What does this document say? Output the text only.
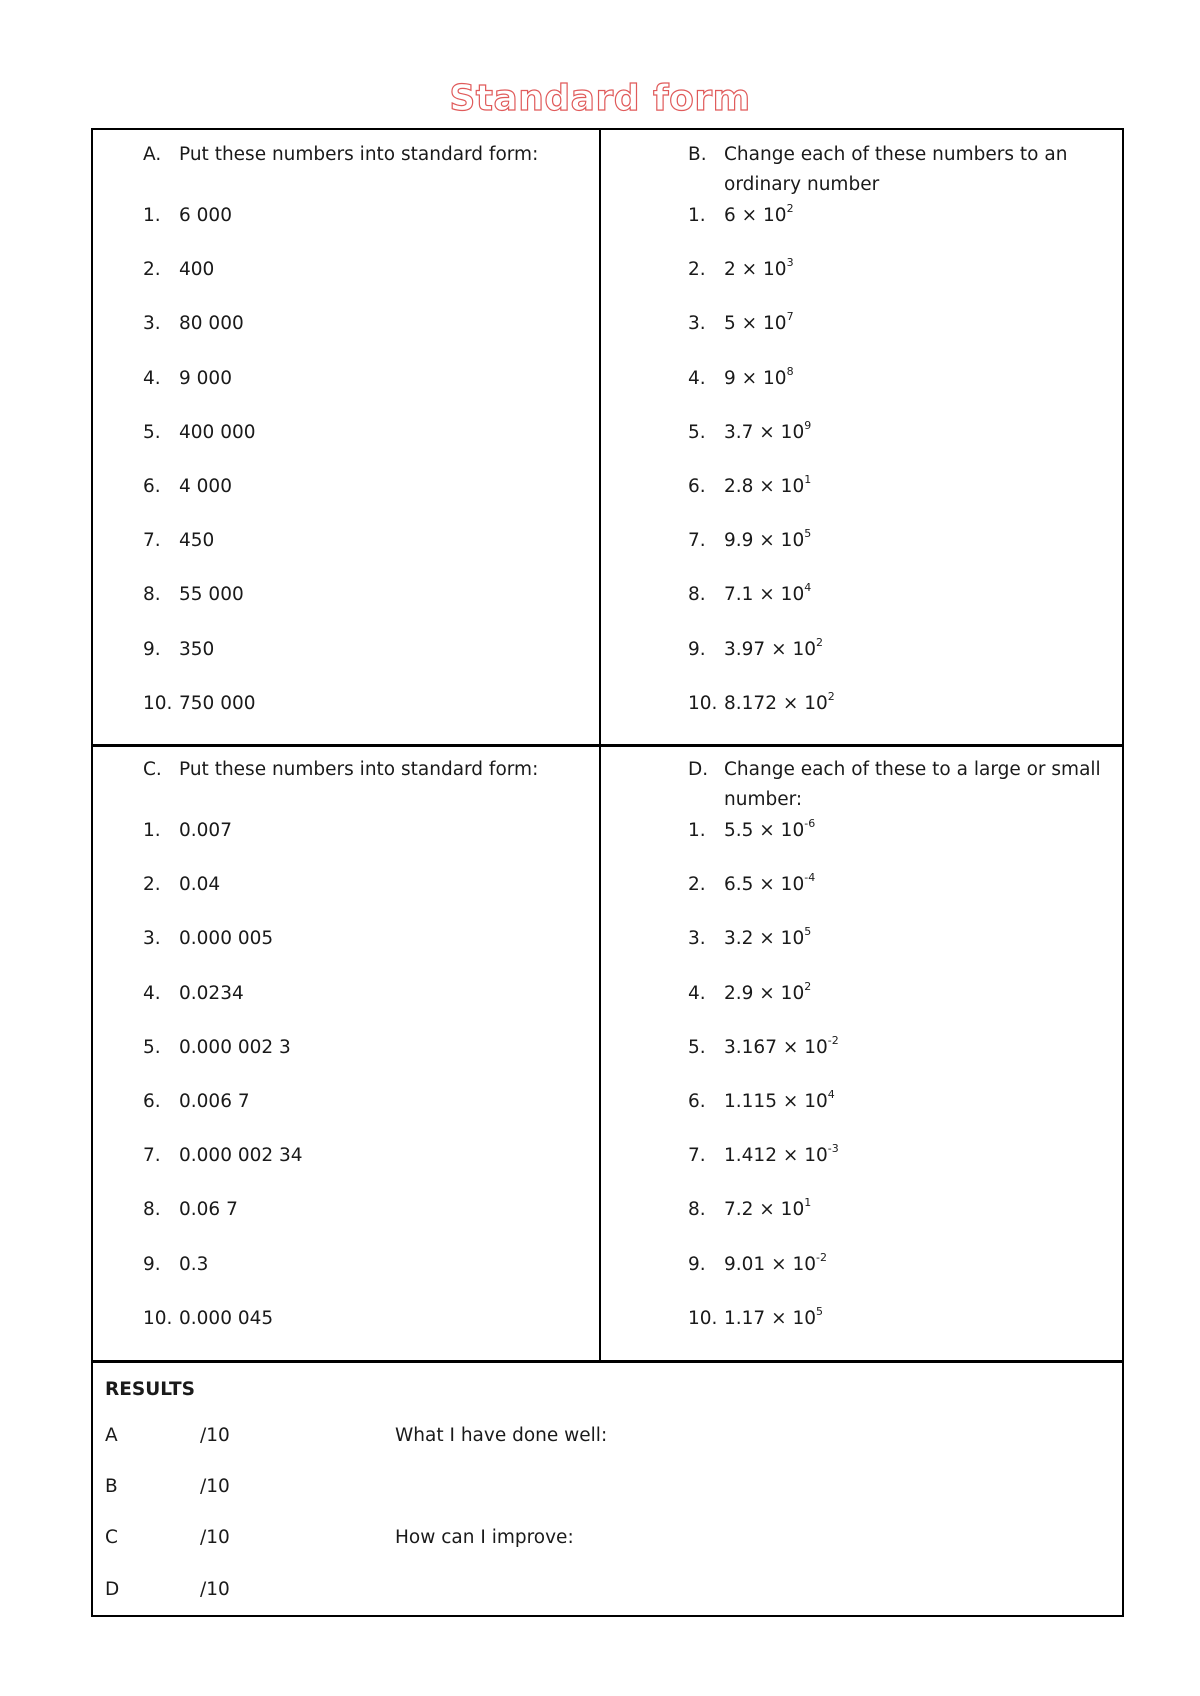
Standard form
A. Put these numbers into standard form:
1. 6 000
2. 400
3. 80 000
4. 9 000
5. 400 000
6. 4 000
7. 450
8. 55 000
9. 350
10. 750 000
B. Change each of these numbers to an ordinary number
1. $6 \times 10^2$
2. $2 \times 10^3$
3. $5 \times 10^7$
4. $9 \times 10^8$
5. $3.7 \times 10^9$
6. $2.8 \times 10^1$
7. $9.9 \times 10^5$
8. $7.1 \times 10^4$
9. $3.97 \times 10^2$
10. $8.172 \times 10^2$
C. Put these numbers into standard form:
1. 0.007
2. 0.04
3. 0.000 005
4. 0.0234
5. 0.000 002 3
6. 0.006 7
7. 0.000 002 34
8. 0.06 7
9. 0.3
10. 0.000 045
D. Change each of these to a large or small number:
1. $5.5 \times 10^{-6}$
2. $6.5 \times 10^{-4}$
3. $3.2 \times 10^5$
4. $2.9 \times 10^2$
5. $3.167 \times 10^{-2}$
6. $1.115 \times 10^4$
7. $1.412 \times 10^{-3}$
8. $7.2 \times 10^1$
9. $9.01 \times 10^{-2}$
10. $1.17 \times 10^5$
RESULTS
A	/10
B	/10
C	/10
D	/10
What I have done well:
How can I improve:
